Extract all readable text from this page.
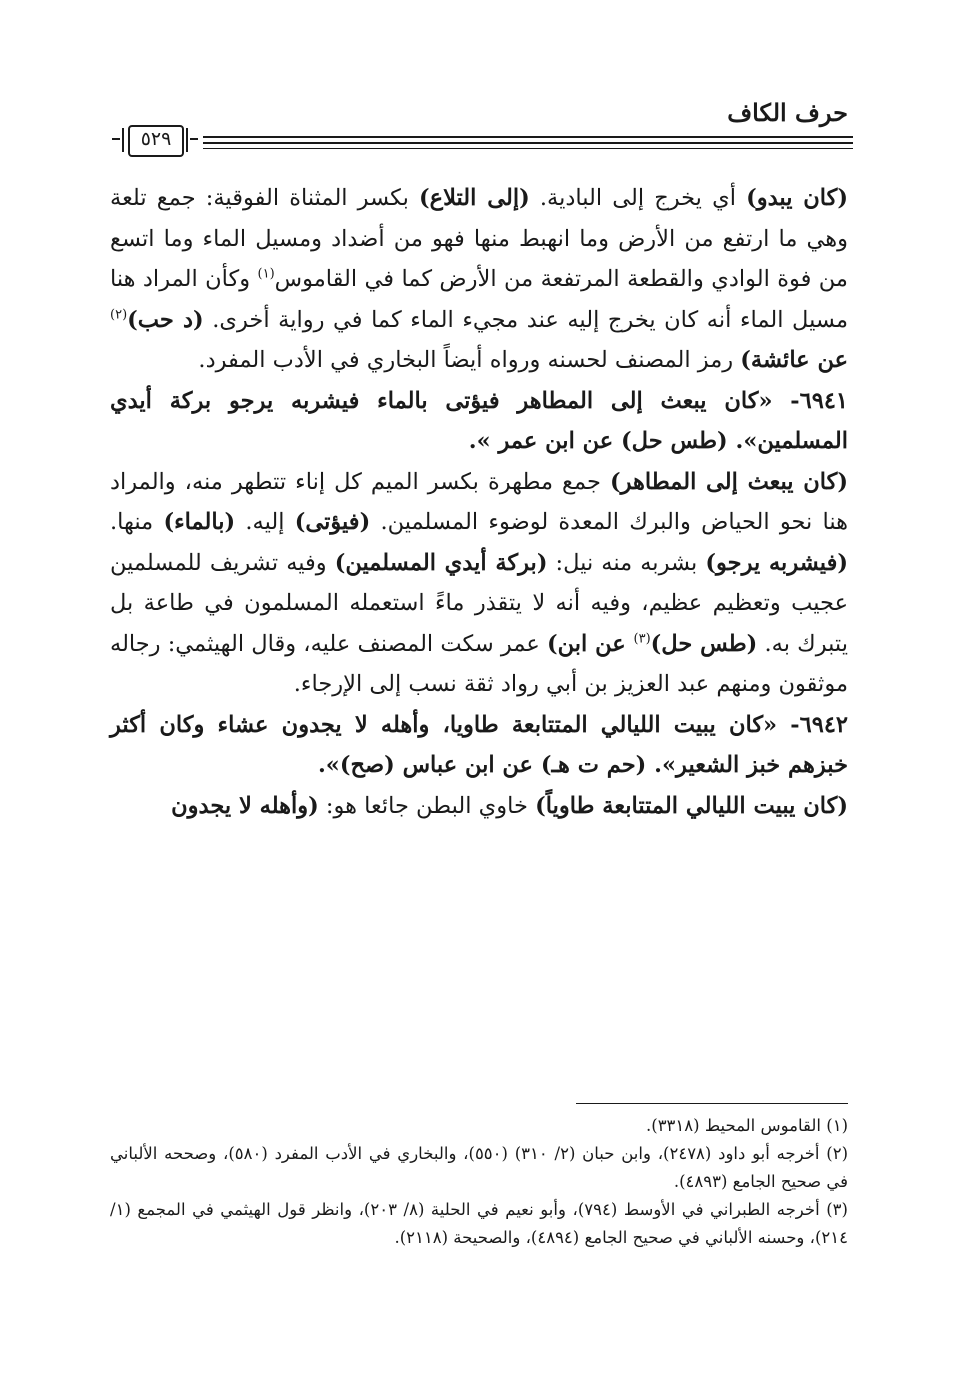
حرف الكاف
٥٢٩

(كان يبدو) أي يخرج إلى البادية. (إلى التلاع) بكسر المثناة الفوقية: جمع تلعة وهي ما ارتفع من الأرض وما انهبط منها فهو من أضداد ومسيل الماء وما اتسع من فوة الوادي والقطعة المرتفعة من الأرض كما في القاموس$^{(١)}$ وكأن المراد هنا مسيل الماء أنه كان يخرج إليه عند مجيء الماء كما في رواية أخرى. (د حب)$^{(٢)}$ عن عائشة) رمز المصنف لحسنه ورواه أيضاً البخاري في الأدب المفرد.

٦٩٤١- «كان يبعث إلى المطاهر فيؤتى بالماء فيشربه يرجو بركة أيدي المسلمين». (طس حل) عن ابن عمر ».

(كان يبعث إلى المطاهر) جمع مطهرة بكسر الميم كل إناء تتطهر منه، والمراد هنا نحو الحياض والبرك المعدة لوضوء المسلمين. (فيؤتى) إليه. (بالماء) منها. (فيشربه يرجو) بشربه منه نيل: (بركة أيدي المسلمين) وفيه تشريف للمسلمين عجيب وتعظيم عظيم، وفيه أنه لا يتقذر ماءً استعمله المسلمون في طاعة بل يتبرك به. (طس حل)$^{(٣)}$ عن ابن) عمر سكت المصنف عليه، وقال الهيثمي: رجاله موثقون ومنهم عبد العزيز بن أبي رواد ثقة نسب إلى الإرجاء.

٦٩٤٢- «كان يبيت الليالي المتتابعة طاويا، وأهله لا يجدون عشاء وكان أكثر خبزهم خبز الشعير». (حم ت هـ) عن ابن عباس (صح)».

(كان يبيت الليالي المتتابعة طاوياً) خاوي البطن جائعا هو: (وأهله لا يجدون

(١) القاموس المحيط (٣٣١٨).

(٢) أخرجه أبو داود (٢٤٧٨)، وابن حبان (٢/ ٣١٠) (٥٥٠)، والبخاري في الأدب المفرد (٥٨٠)، وصححه الألباني في صحيح الجامع (٤٨٩٣).

(٣) أخرجه الطبراني في الأوسط (٧٩٤)، وأبو نعيم في الحلية (٨/ ٢٠٣)، وانظر قول الهيثمي في المجمع (١/ ٢١٤)، وحسنه الألباني في صحيح الجامع (٤٨٩٤)، والصحيحة (٢١١٨).
